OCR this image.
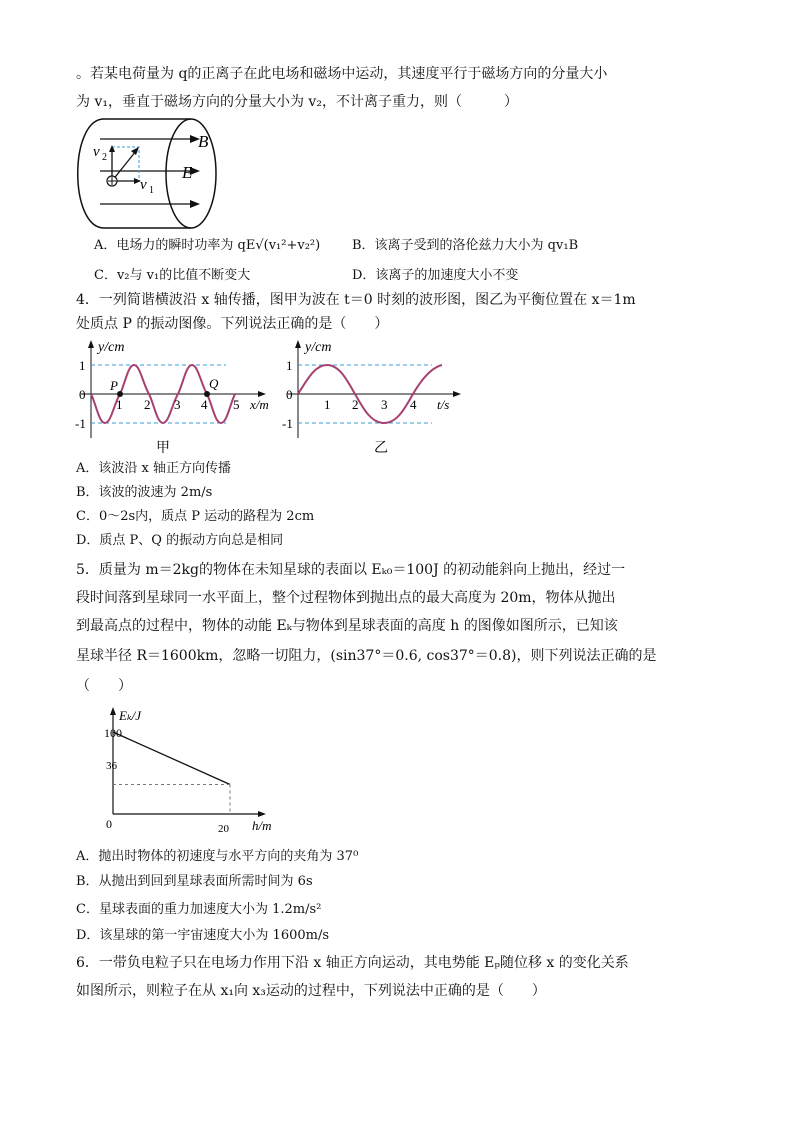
。若某电荷量为 q的正离子在此电场和磁场中运动，其速度平行于磁场方向的分量大小
为 v₁，垂直于磁场方向的分量大小为 v₂，不计离子重力，则（　　　）
B
E
v 2
v 1
A．电场力的瞬时功率为 qE√(v₁²+v₂²) B．该离子受到的洛伦兹力大小为 qv₁B
C．v₂与 v₁的比值不断变大	D．该离子的加速度大小不变
4．一列简谐横波沿 x 轴传播，图甲为波在 t＝0 时刻的波形图，图乙为平衡位置在 x＝1m
处质点 P 的振动图像。下列说法正确的是（　　）
y/cm
1
0
-1
1 2 3 4 5 x/m
P	Q
甲
y/cm
1
0
-1
1 2 3 4 t/s
乙
A．该波沿 x 轴正方向传播
B．该波的波速为 2m/s
C．0～2s内，质点 P 运动的路程为 2cm
D．质点 P、Q 的振动方向总是相同
5．质量为 m＝2kg的物体在未知星球的表面以 Eₖ₀＝100J 的初动能斜向上抛出，经过一
段时间落到星球同一水平面上，整个过程物体到抛出点的最大高度为 20m，物体从抛出
到最高点的过程中，物体的动能 Eₖ与物体到星球表面的高度 h 的图像如图所示，已知该
星球半径 R＝1600km，忽略一切阻力，(sin37°＝0.6, cos37°＝0.8)，则下列说法正确的是
（　　）
Eₖ/J
100
36
0	20 h/m
A．抛出时物体的初速度与水平方向的夹角为 37⁰
B．从抛出到回到星球表面所需时间为 6s
C．星球表面的重力加速度大小为 1.2m/s²
D．该星球的第一宇宙速度大小为 1600m/s
6．一带负电粒子只在电场力作用下沿 x 轴正方向运动，其电势能 Eₚ随位移 x 的变化关系
如图所示，则粒子在从 x₁向 x₃运动的过程中，下列说法中正确的是（　　）
